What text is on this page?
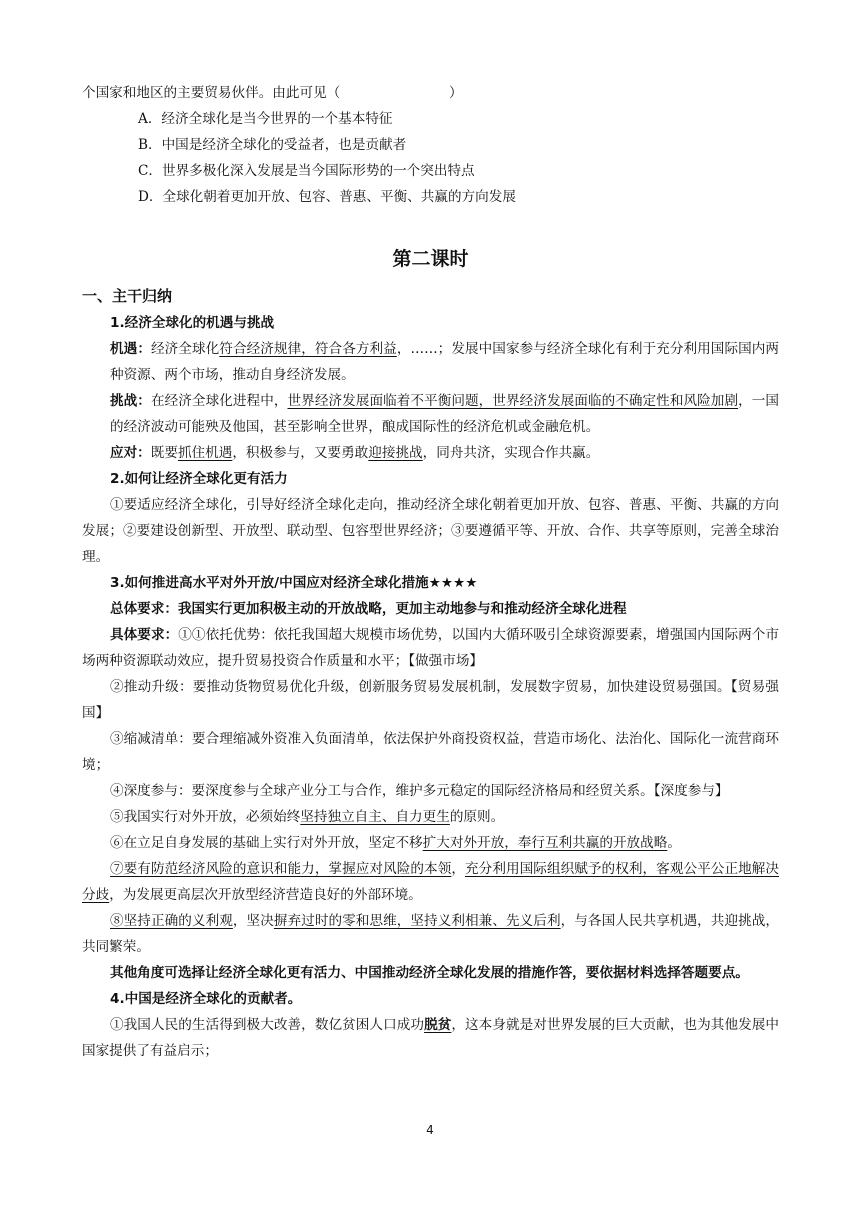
个国家和地区的主要贸易伙伴。由此可见（　　　　　　　　）
A．经济全球化是当今世界的一个基本特征
B．中国是经济全球化的受益者，也是贡献者
C．世界多极化深入发展是当今国际形势的一个突出特点
D．全球化朝着更加开放、包容、普惠、平衡、共赢的方向发展
第二课时
一、主干归纳
1.经济全球化的机遇与挑战
机遇：经济全球化符合经济规律，符合各方利益，……；发展中国家参与经济全球化有利于充分利用国际国内两种资源、两个市场，推动自身经济发展。
挑战：在经济全球化进程中，世界经济发展面临着不平衡问题，世界经济发展面临的不确定性和风险加剧，一国的经济波动可能殃及他国，甚至影响全世界，酿成国际性的经济危机或金融危机。
应对：既要抓住机遇，积极参与，又要勇敢迎接挑战，同舟共济，实现合作共赢。
2.如何让经济全球化更有活力
①要适应经济全球化，引导好经济全球化走向，推动经济全球化朝着更加开放、包容、普惠、平衡、共赢的方向发展；②要建设创新型、开放型、联动型、包容型世界经济；③要遵循平等、开放、合作、共享等原则，完善全球治理。
3.如何推进高水平对外开放/中国应对经济全球化措施★★★★
总体要求：我国实行更加积极主动的开放战略，更加主动地参与和推动经济全球化进程
具体要求：①①依托优势：依托我国超大规模市场优势，以国内大循环吸引全球资源要素，增强国内国际两个市场两种资源联动效应，提升贸易投资合作质量和水平；【做强市场】
②推动升级：要推动货物贸易优化升级，创新服务贸易发展机制，发展数字贸易，加快建设贸易强国。【贸易强国】
③缩减清单：要合理缩减外资准入负面清单，依法保护外商投资权益，营造市场化、法治化、国际化一流营商环境；
④深度参与：要深度参与全球产业分工与合作，维护多元稳定的国际经济格局和经贸关系。【深度参与】
⑤我国实行对外开放，必须始终坚持独立自主、自力更生的原则。
⑥在立足自身发展的基础上实行对外开放，坚定不移扩大对外开放，奉行互利共赢的开放战略。
⑦要有防范经济风险的意识和能力，掌握应对风险的本领，充分利用国际组织赋予的权利，客观公平公正地解决分歧，为发展更高层次开放型经济营造良好的外部环境。
⑧坚持正确的义利观，坚决摒弃过时的零和思维，坚持义利相兼、先义后利，与各国人民共享机遇，共迎挑战，共同繁荣。
其他角度可选择让经济全球化更有活力、中国推动经济全球化发展的措施作答，要依据材料选择答题要点。
4.中国是经济全球化的贡献者。
①我国人民的生活得到极大改善，数亿贫困人口成功脱贫，这本身就是对世界发展的巨大贡献，也为其他发展中国家提供了有益启示；
4
